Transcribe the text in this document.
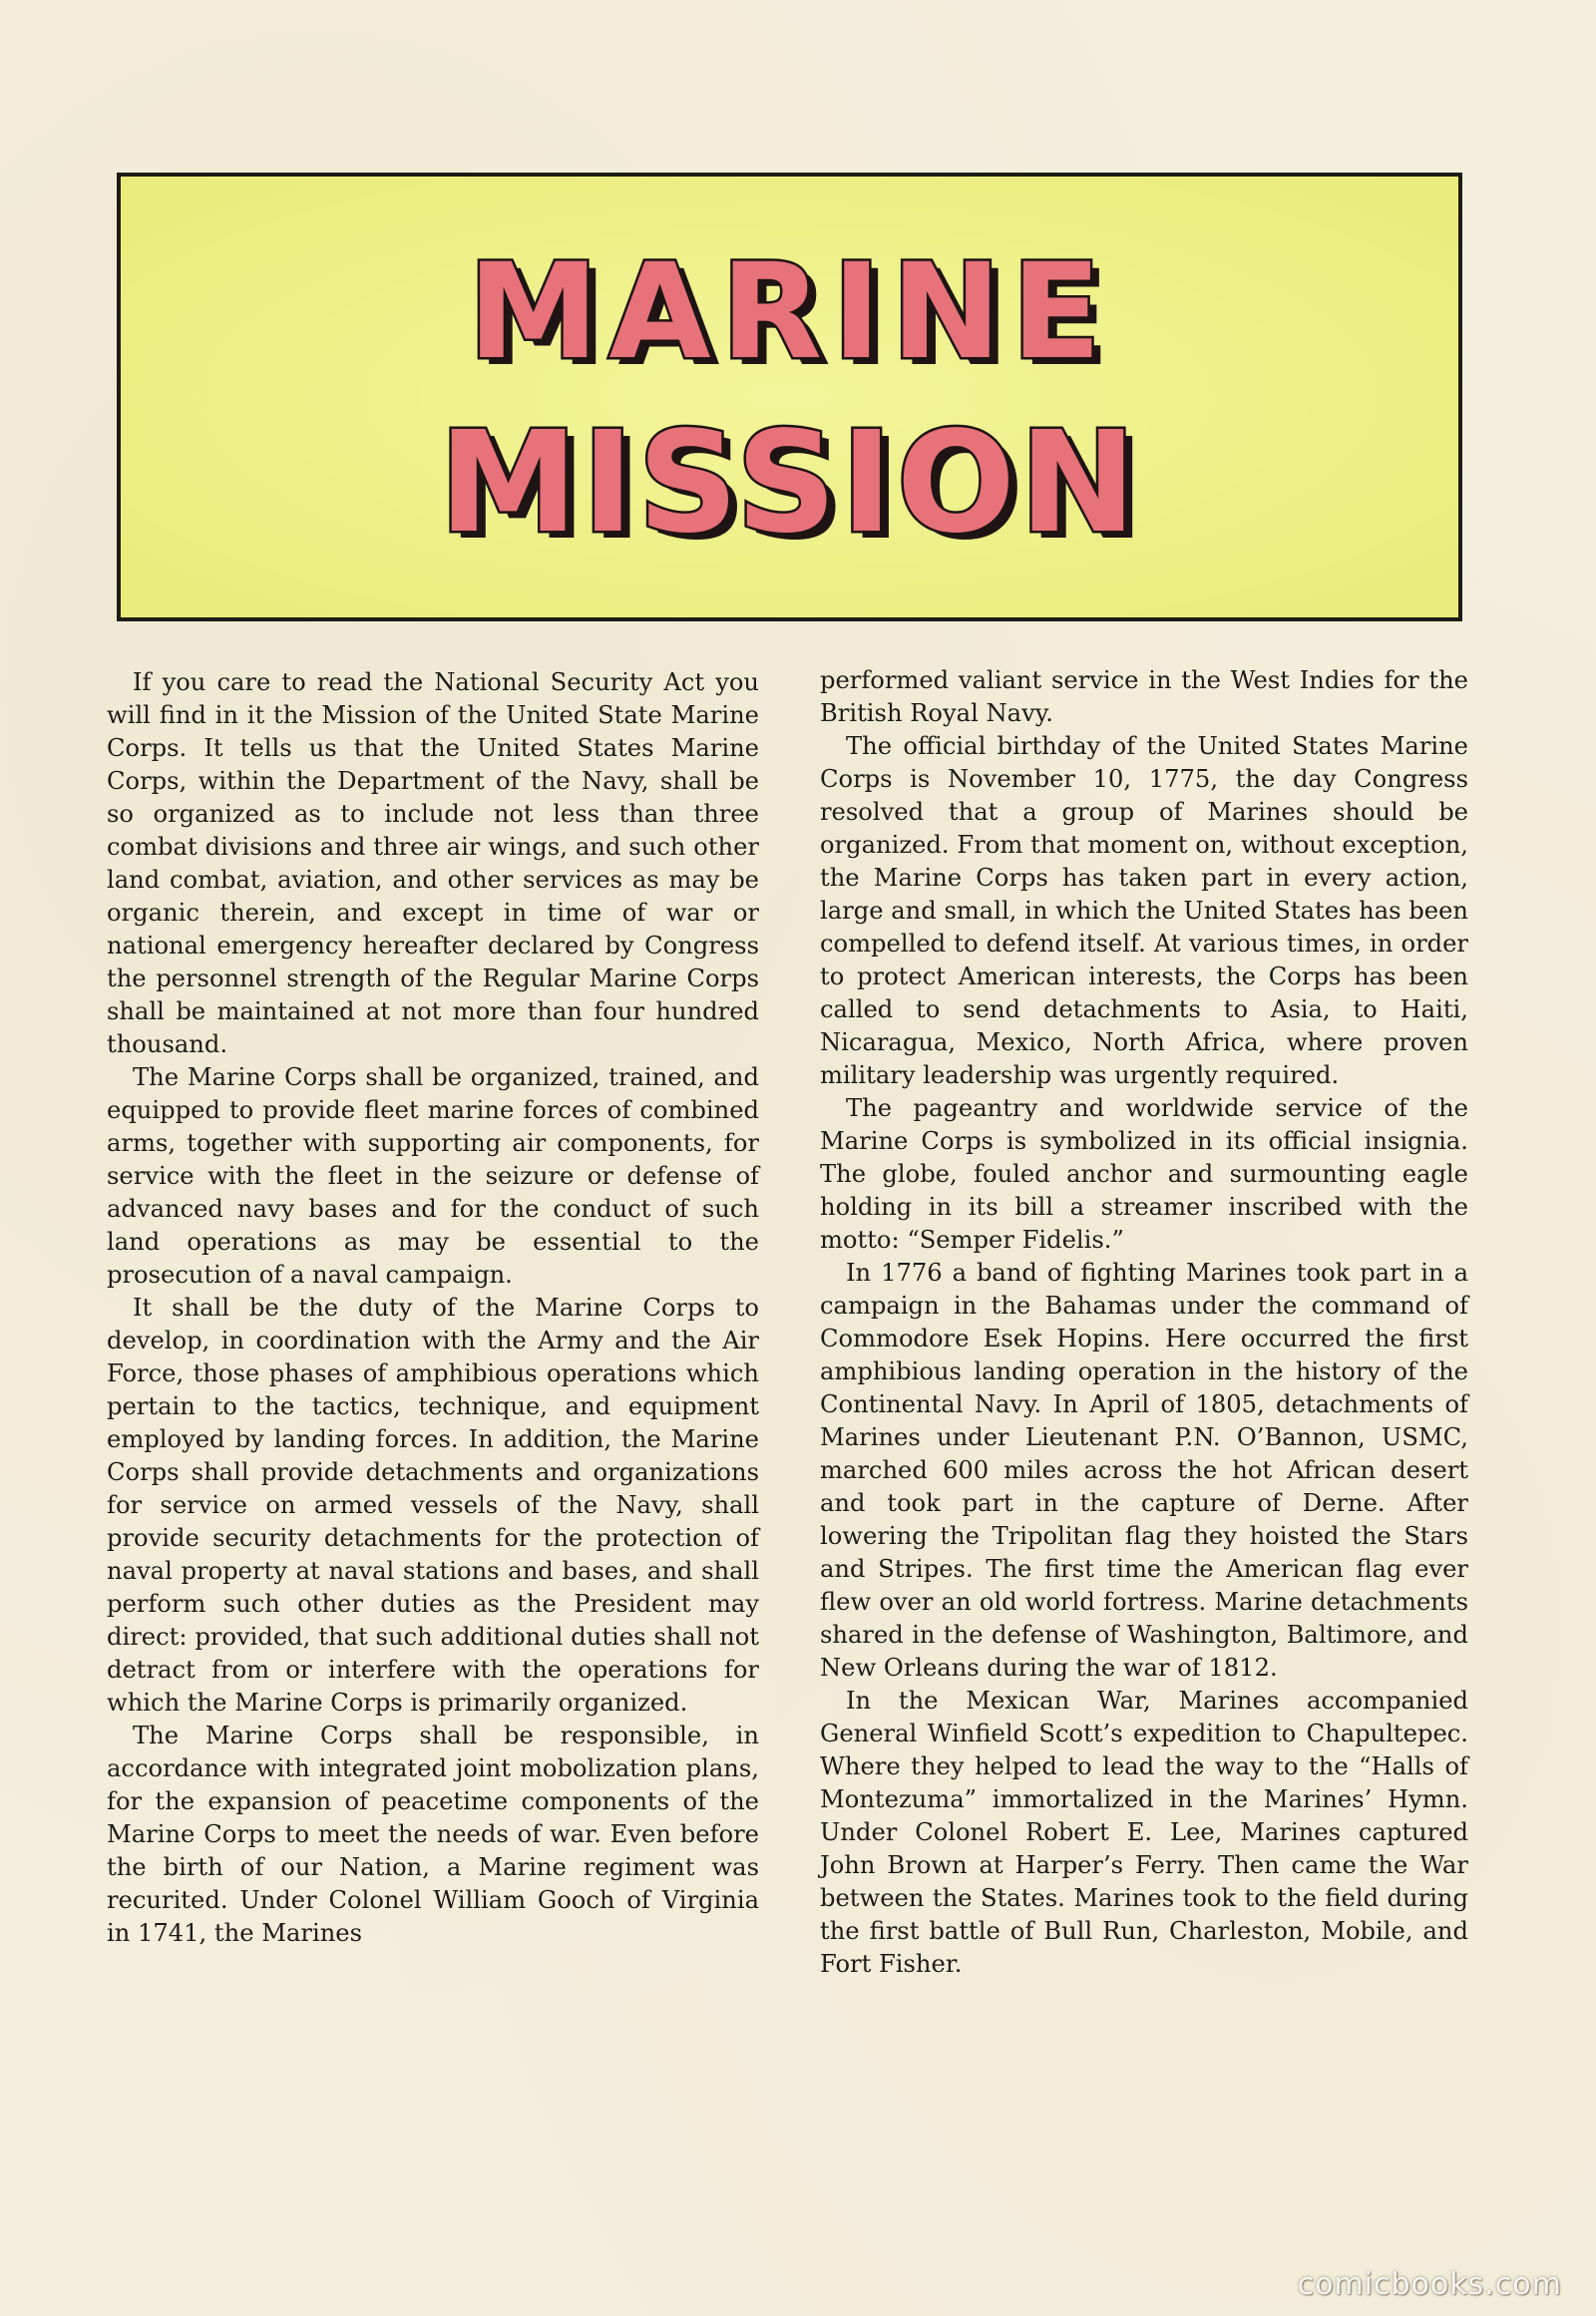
MARINE
MISSION

If you care to read the National Security Act you will find in it the Mission of the United State Marine Corps. It tells us that the United States Marine Corps, within the Department of the Navy, shall be so organized as to include not less than three combat divisions and three air wings, and such other land combat, aviation, and other services as may be organic therein, and except in time of war or national emergency hereafter declared by Congress the personnel strength of the Regular Marine Corps shall be maintained at not more than four hundred thousand.

The Marine Corps shall be organized, trained, and equipped to provide fleet marine forces of combined arms, together with supporting air components, for service with the fleet in the seizure or defense of advanced navy bases and for the conduct of such land operations as may be essential to the prosecution of a naval campaign.

It shall be the duty of the Marine Corps to develop, in coordination with the Army and the Air Force, those phases of amphibious operations which pertain to the tactics, technique, and equipment employed by landing forces. In addition, the Marine Corps shall provide detachments and organizations for service on armed vessels of the Navy, shall provide security detachments for the protection of naval property at naval stations and bases, and shall perform such other duties as the President may direct: provided, that such additional duties shall not detract from or interfere with the operations for which the Marine Corps is primarily organized.

The Marine Corps shall be responsible, in accordance with integrated joint mobolization plans, for the expansion of peacetime components of the Marine Corps to meet the needs of war. Even before the birth of our Nation, a Marine regiment was recurited. Under Colonel William Gooch of Virginia in 1741, the Marines

performed valiant service in the West Indies for the British Royal Navy.

The official birthday of the United States Marine Corps is November 10, 1775, the day Congress resolved that a group of Marines should be organized. From that moment on, without exception, the Marine Corps has taken part in every action, large and small, in which the United States has been compelled to defend itself. At various times, in order to protect American interests, the Corps has been called to send detachments to Asia, to Haiti, Nicaragua, Mexico, North Africa, where proven military leadership was urgently required.

The pageantry and worldwide service of the Marine Corps is symbolized in its official insignia. The globe, fouled anchor and surmounting eagle holding in its bill a streamer inscribed with the motto: “Semper Fidelis.”

In 1776 a band of fighting Marines took part in a campaign in the Bahamas under the command of Commodore Esek Hopins. Here occurred the first amphibious landing operation in the history of the Continental Navy. In April of 1805, detachments of Marines under Lieutenant P.N. O’Bannon, USMC, marched 600 miles across the hot African desert and took part in the capture of Derne. After lowering the Tripolitan flag they hoisted the Stars and Stripes. The first time the American flag ever flew over an old world fortress. Marine detachments shared in the defense of Washington, Baltimore, and New Orleans during the war of 1812.

In the Mexican War, Marines accompanied General Winfield Scott’s expedition to Chapultepec. Where they helped to lead the way to the “Halls of Montezuma” immortalized in the Marines’ Hymn. Under Colonel Robert E. Lee, Marines captured John Brown at Harper’s Ferry. Then came the War between the States. Marines took to the field during the first battle of Bull Run, Charleston, Mobile, and Fort Fisher.

comicbooks.com
